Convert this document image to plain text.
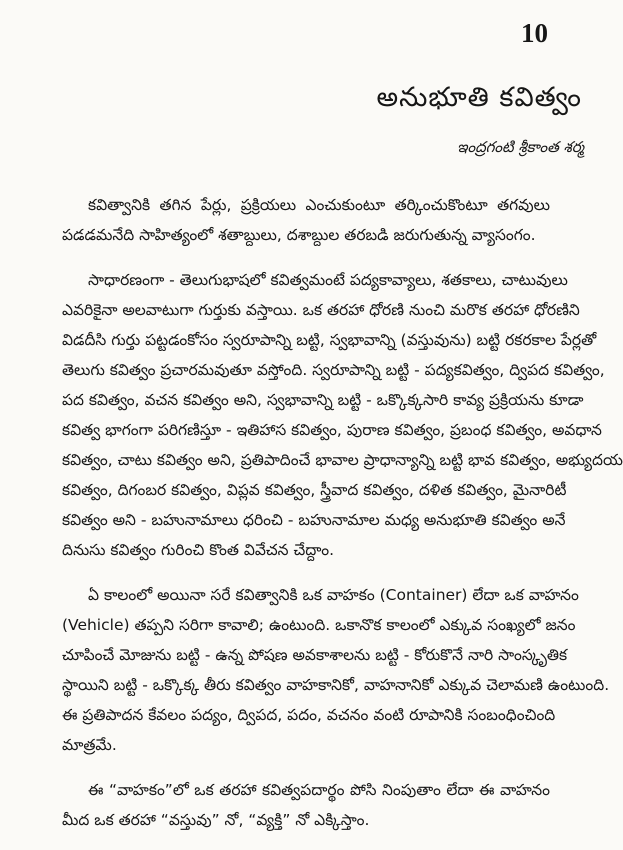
10
అనుభూతి కవిత్వం
ఇంద్రగంటి శ్రీకాంత శర్మ
కవిత్వానికి తగిన పేర్లు, ప్రక్రియలు ఎంచుకుంటూ తర్కించుకొంటూ తగవులు
పడడమనేది సాహిత్యంలో శతాబ్దులు, దశాబ్దుల తరబడి జరుగుతున్న వ్యాసంగం.
సాధారణంగా - తెలుగుభాషలో కవిత్వమంటే పద్యకావ్యాలు, శతకాలు, చాటువులు
ఎవరికైనా అలవాటుగా గుర్తుకు వస్తాయి. ఒక తరహా ధోరణి నుంచి మరొక తరహా ధోరణిని
విడదీసి గుర్తు పట్టడంకోసం స్వరూపాన్ని బట్టి, స్వభావాన్ని (వస్తువును) బట్టి రకరకాల పేర్లతో
తెలుగు కవిత్వం ప్రచారమవుతూ వస్తోంది. స్వరూపాన్ని బట్టి - పద్యకవిత్వం, ద్విపద కవిత్వం,
పద కవిత్వం, వచన కవిత్వం అని, స్వభావాన్ని బట్టి - ఒక్కొక్కసారి కావ్య ప్రక్రియను కూడా
కవిత్వ భాగంగా పరిగణిస్తూ - ఇతిహాస కవిత్వం, పురాణ కవిత్వం, ప్రబంధ కవిత్వం, అవధాన
కవిత్వం, చాటు కవిత్వం అని, ప్రతిపాదించే భావాల ప్రాధాన్యాన్ని బట్టి భావ కవిత్వం, అభ్యుదయ
కవిత్వం, దిగంబర కవిత్వం, విప్లవ కవిత్వం, స్త్రీవాద కవిత్వం, దళిత కవిత్వం, మైనారిటీ
కవిత్వం అని - బహునామాలు ధరించి - బహునామాల మధ్య అనుభూతి కవిత్వం అనే
దినుసు కవిత్వం గురించి కొంత వివేచన చేద్దాం.
ఏ కాలంలో అయినా సరే కవిత్వానికి ఒక వాహకం (Container) లేదా ఒక వాహనం
(Vehicle) తప్పని సరిగా కావాలి; ఉంటుంది. ఒకానొక కాలంలో ఎక్కువ సంఖ్యలో జనం
చూపించే మోజును బట్టి - ఉన్న పోషణ అవకాశాలను బట్టి - కోరుకొనే నారి సాంస్కృతిక
స్థాయిని బట్టి - ఒక్కొక్క తీరు కవిత్వం వాహకానికో, వాహనానికో ఎక్కువ చెలామణి ఉంటుంది.
ఈ ప్రతిపాదన కేవలం పద్యం, ద్విపద, పదం, వచనం వంటి రూపానికి సంబంధించింది
మాత్రమే.
ఈ “వాహకం”లో ఒక తరహా కవిత్వపదార్థం పోసి నింపుతాం లేదా ఈ వాహనం
మీద ఒక తరహా “వస్తువు” నో, “వ్యక్తి” నో ఎక్కిస్తాం.
